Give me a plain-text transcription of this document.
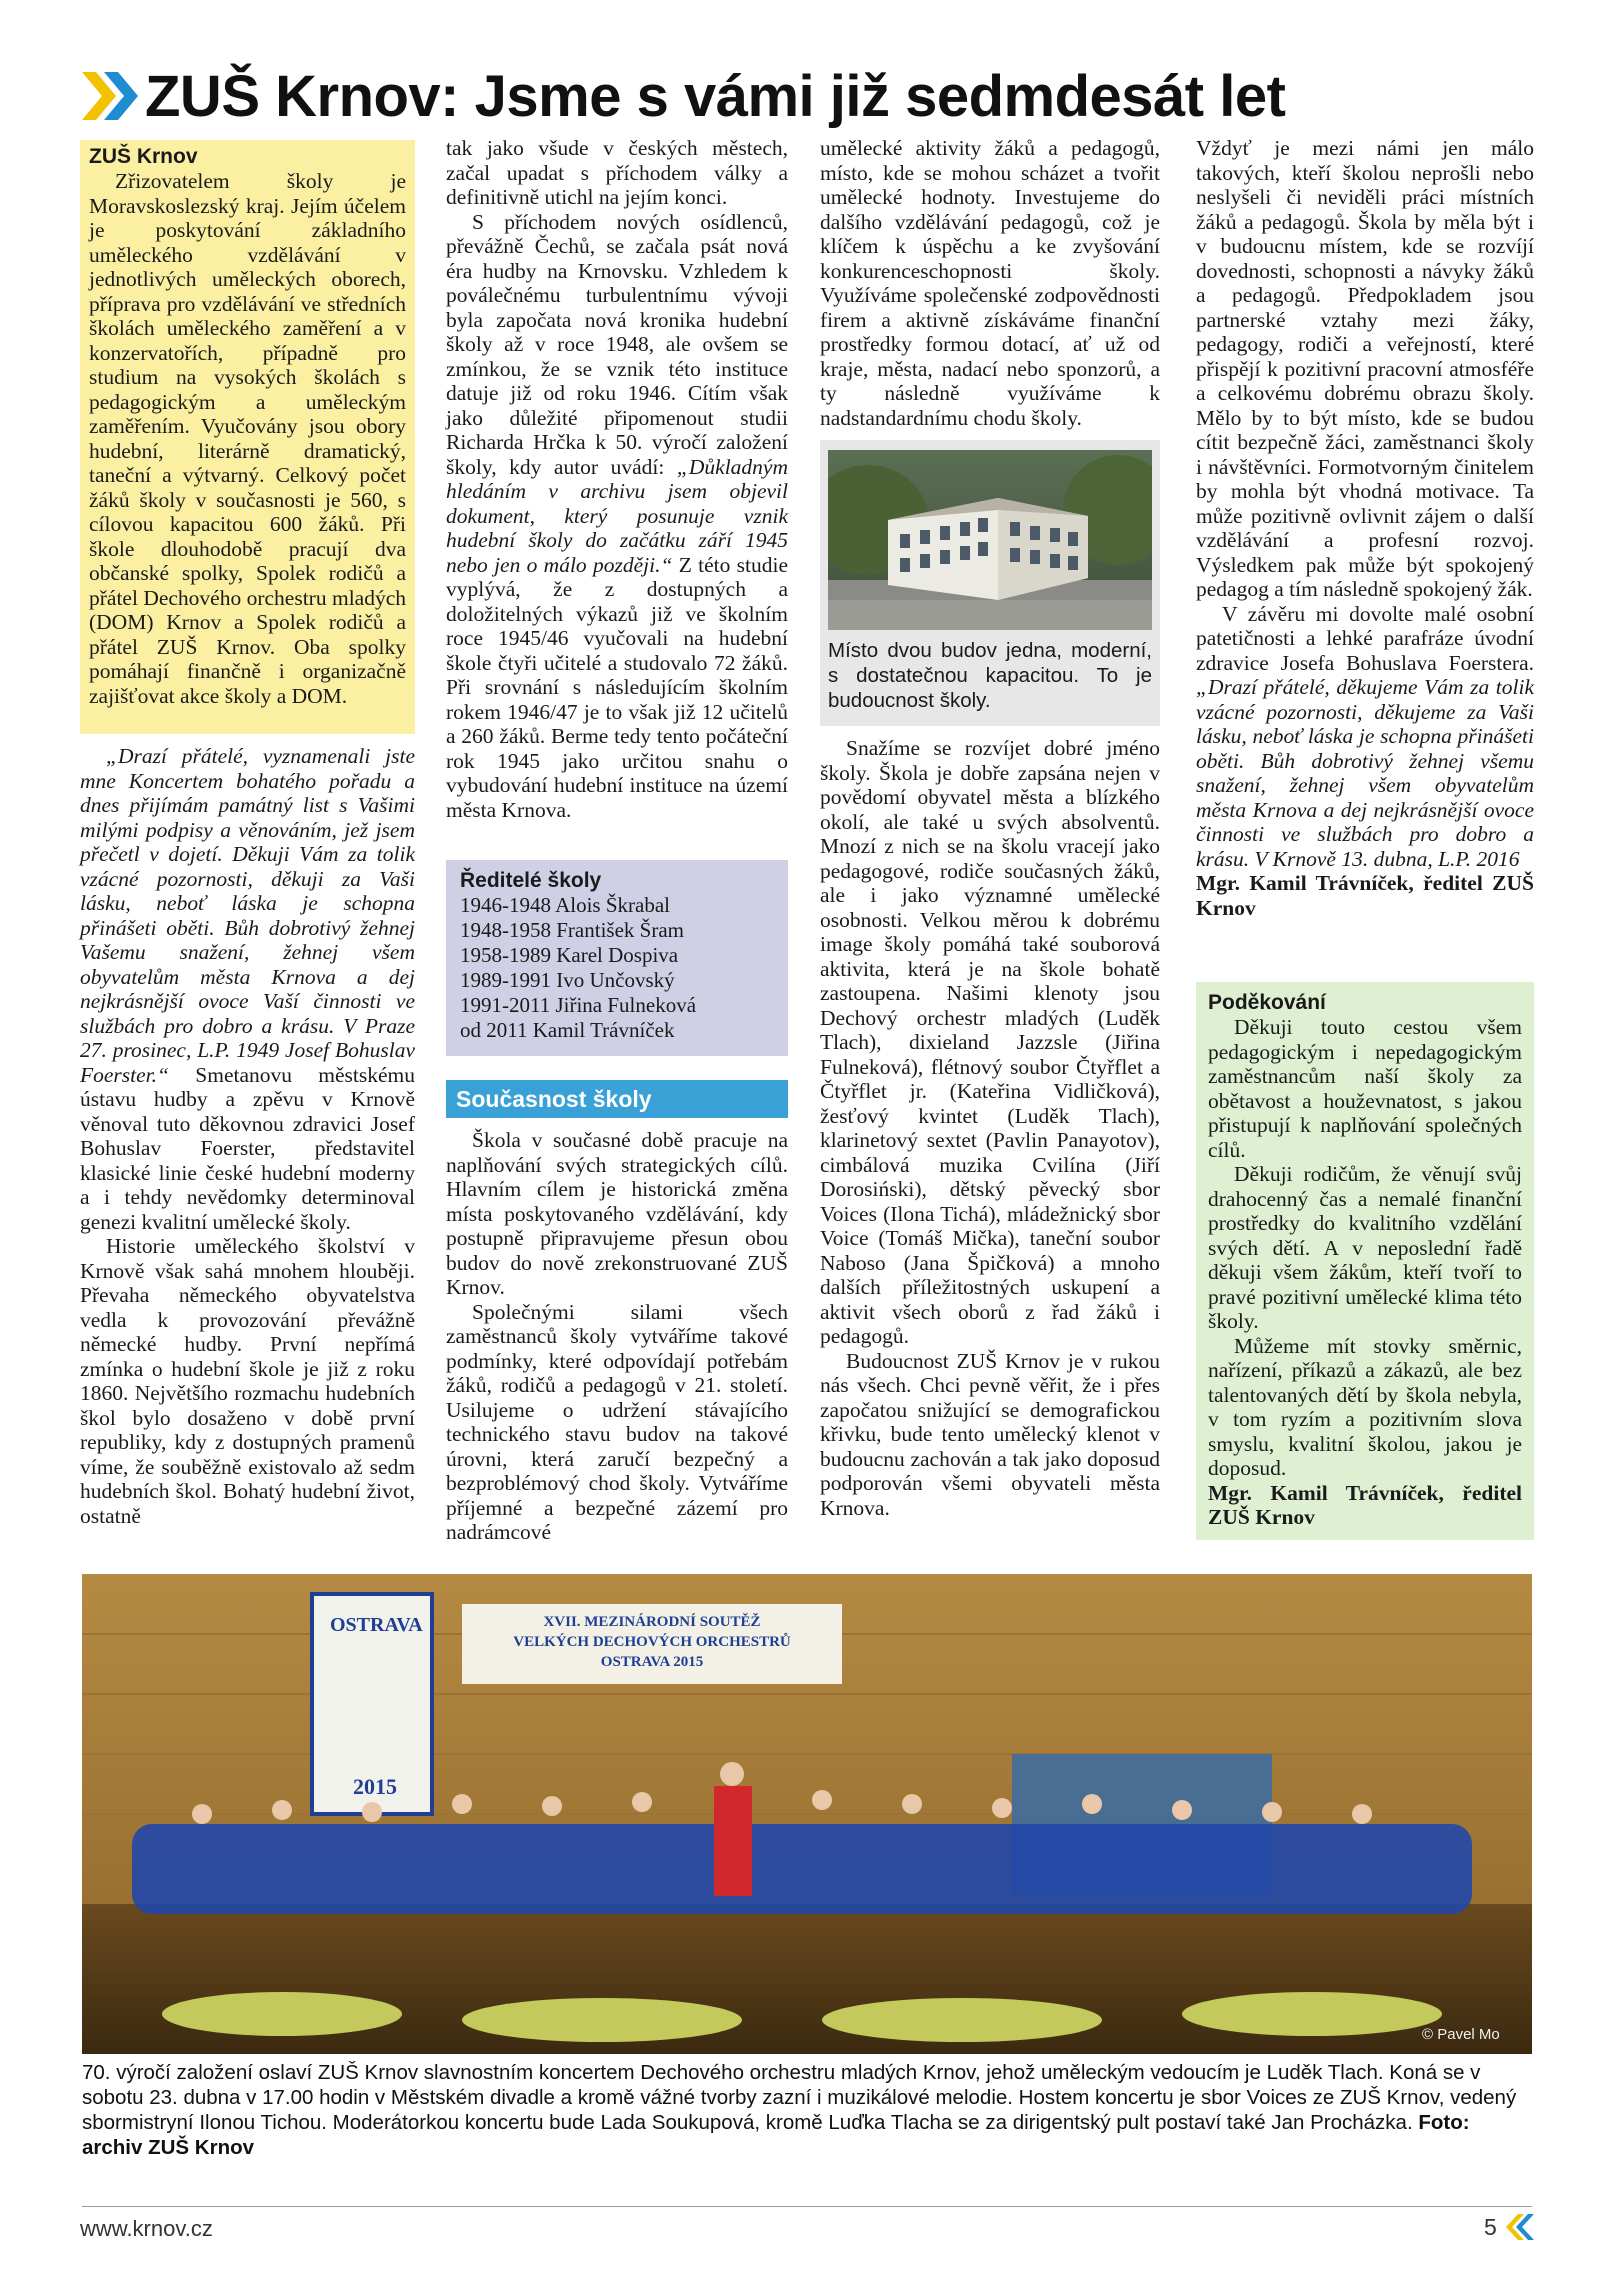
ZUŠ Krnov: Jsme s vámi již sedmdesát let
ZUŠ Krnov

Zřizovatelem školy je Moravskoslezský kraj. Jejím účelem je poskytování základního uměleckého vzdělávání v jednotlivých uměleckých oborech, příprava pro vzdělávání ve středních školách uměleckého zaměření a v konzervatořích, případně pro studium na vysokých školách s pedagogickým a uměleckým zaměřením. Vyučovány jsou obory hudební, literárně dramatický, taneční a výtvarný. Celkový počet žáků školy v současnosti je 560, s cílovou kapacitou 600 žáků. Při škole dlouhodobě pracují dva občanské spolky, Spolek rodičů a přátel Dechového orchestru mladých (DOM) Krnov a Spolek rodičů a přátel ZUŠ Krnov. Oba spolky pomáhají finančně i organizačně zajišťovat akce školy a DOM.

„Drazí přátelé, vyznamenali jste mne Koncertem bohatého pořadu a dnes přijímám památný list s Vašimi milými podpisy a věnováním, jež jsem přečetl v dojetí. Děkuji Vám za tolik vzácné pozornosti, děkuji za Vaši lásku, neboť láska je schopna přinášeti oběti. Bůh dobrotivý žehnej Vašemu snažení, žehnej všem obyvatelům města Krnova a dej nejkrásnější ovoce Vaší činnosti ve službách pro dobro a krásu. V Praze 27. prosinec, L.P. 1949 Josef Bohuslav Foerster.“ Smetanovu městskému ústavu hudby a zpěvu v Krnově věnoval tuto děkovnou zdravici Josef Bohuslav Foerster, představitel klasické linie české hudební moderny a i tehdy nevědomky determinoval genezi kvalitní umělecké školy.

Historie uměleckého školství v Krnově však sahá mnohem hlouběji. Převaha německého obyvatelstva vedla k provozování převážně německé hudby. První nepřímá zmínka o hudební škole je již z roku 1860. Největšího rozmachu hudebních škol bylo dosaženo v době první republiky, kdy z dostupných pramenů víme, že souběžně existovalo až sedm hudebních škol. Bohatý hudební život, ostatně

tak jako všude v českých městech, začal upadat s příchodem války a definitivně utichl na jejím konci.

S příchodem nových osídlenců, převážně Čechů, se začala psát nová éra hudby na Krnovsku. Vzhledem k poválečnému turbulentnímu vývoji byla započata nová kronika hudební školy až v roce 1948, ale ovšem se zmínkou, že se vznik této instituce datuje již od roku 1946. Cítím však jako důležité připomenout studii Richarda Hrčka k 50. výročí založení školy, kdy autor uvádí: „Důkladným hledáním v archivu jsem objevil dokument, který posunuje vznik hudební školy do začátku září 1945 nebo jen o málo později.“ Z této studie vyplývá, že z dostupných a doložitelných výkazů již ve školním roce 1945/46 vyučovali na hudební škole čtyři učitelé a studovalo 72 žáků. Při srovnání s následujícím školním rokem 1946/47 je to však již 12 učitelů a 260 žáků. Berme tedy tento počáteční rok 1945 jako určitou snahu o vybudování hudební instituce na území města Krnova.

Ředitelé školy
1946-1948 Alois Škrabal
1948-1958 František Šram
1958-1989 Karel Dospiva
1989-1991 Ivo Unčovský
1991-2011 Jiřina Fulneková
od 2011 Kamil Trávníček
Současnost školy

Škola v současné době pracuje na naplňování svých strategických cílů. Hlavním cílem je historická změna místa poskytovaného vzdělávání, kdy postupně připravujeme přesun obou budov do nově zrekonstruované ZUŠ Krnov.

Společnými silami všech zaměstnanců školy vytváříme takové podmínky, které odpovídají potřebám žáků, rodičů a pedagogů v 21. století. Usilujeme o udržení stávajícího technického stavu budov na takové úrovni, která zaručí bezpečný a bezproblémový chod školy. Vytváříme příjemné a bezpečné zázemí pro nadrámcové

umělecké aktivity žáků a pedagogů, místo, kde se mohou scházet a tvořit umělecké hodnoty. Investujeme do dalšího vzdělávání pedagogů, což je klíčem k úspěchu a ke zvyšování konkurenceschopnosti školy. Využíváme společenské zodpovědnosti firem a aktivně získáváme finanční prostředky formou dotací, ať už od kraje, města, nadací nebo sponzorů, a ty následně využíváme k nadstandardnímu chodu školy.

Místo dvou budov jedna, moderní, s dostatečnou kapacitou. To je budoucnost školy.

Snažíme se rozvíjet dobré jméno školy. Škola je dobře zapsána nejen v povědomí obyvatel města a blízkého okolí, ale také u svých absolventů. Mnozí z nich se na školu vracejí jako pedagogové, rodiče současných žáků, ale i jako významné umělecké osobnosti. Velkou měrou k dobrému image školy pomáhá také souborová aktivita, která je na škole bohatě zastoupena. Našimi klenoty jsou Dechový orchestr mladých (Luděk Tlach), dixieland Jazzsle (Jiřina Fulneková), flétnový soubor Čtyřflet a Čtyřflet jr. (Kateřina Vidličková), žesťový kvintet (Luděk Tlach), klarinetový sextet (Pavlin Panayotov), cimbálová muzika Cvilína (Jiří Dorosiński), dětský pěvecký sbor Voices (Ilona Tichá), mládežnický sbor Voice (Tomáš Mička), taneční soubor Naboso (Jana Špičková) a mnoho dalších příležitostných uskupení a aktivit všech oborů z řad žáků i pedagogů.

Budoucnost ZUŠ Krnov je v rukou nás všech. Chci pevně věřit, že i přes započatou snižující se demografickou křivku, bude tento umělecký klenot v budoucnu zachován a tak jako doposud podporován všemi obyvateli města Krnova.

Vždyť je mezi námi jen málo takových, kteří školou neprošli nebo neslyšeli či neviděli práci místních žáků a pedagogů. Škola by měla být i v budoucnu místem, kde se rozvíjí dovednosti, schopnosti a návyky žáků a pedagogů. Předpokladem jsou partnerské vztahy mezi žáky, pedagogy, rodiči a veřejností, které přispějí k pozitivní pracovní atmosféře a celkovému dobrému obrazu školy. Mělo by to být místo, kde se budou cítit bezpečně žáci, zaměstnanci školy i návštěvníci. Formotvorným činitelem by mohla být vhodná motivace. Ta může pozitivně ovlivnit zájem o další vzdělávání a profesní rozvoj. Výsledkem pak může být spokojený pedagog a tím následně spokojený žák.

V závěru mi dovolte malé osobní patetičnosti a lehké parafráze úvodní zdravice Josefa Bohuslava Foerstera. „Drazí přátelé, děkujeme Vám za tolik vzácné pozornosti, děkujeme za Vaši lásku, neboť láska je schopna přinášeti oběti. Bůh dobrotivý žehnej všemu snažení, žehnej všem obyvatelům města Krnova a dej nejkrásnější ovoce činnosti ve službách pro dobro a krásu. V Krnově 13. dubna, L.P. 2016

Mgr. Kamil Trávníček, ředitel ZUŠ Krnov

Poděkování

Děkuji touto cestou všem pedagogickým i nepedagogickým zaměstnancům naší školy za obětavost a houževnatost, s jakou přistupují k naplňování společných cílů.

Děkuji rodičům, že věnují svůj drahocenný čas a nemalé finanční prostředky do kvalitního vzdělání svých dětí. A v neposlední řadě děkuji všem žákům, kteří tvoří to pravé pozitivní umělecké klima této školy.

Můžeme mít stovky směrnic, nařízení, příkazů a zákazů, ale bez talentovaných dětí by škola nebyla, v tom ryzím a pozitivním slova smyslu, kvalitní školou, jakou je doposud.

Mgr. Kamil Trávníček, ředitel ZUŠ Krnov

OSTRAVA
2015
XVII. MEZINÁRODNÍ SOUTĚŽ
VELKÝCH DECHOVÝCH ORCHESTRŮ
OSTRAVA 2015
© Pavel Mo
70. výročí založení oslaví ZUŠ Krnov slavnostním koncertem Dechového orchestru mladých Krnov, jehož uměleckým vedoucím je Luděk Tlach. Koná se v sobotu 23. dubna v 17.00 hodin v Městském divadle a kromě vážné tvorby zazní i muzikálové melodie. Hostem koncertu je sbor Voices ze ZUŠ Krnov, vedený sbormistryní Ilonou Tichou. Moderátorkou koncertu bude Lada Soukupová, kromě Luďka Tlacha se za dirigentský pult postaví také Jan Procházka. Foto: archiv ZUŠ Krnov
www.krnov.cz	5
